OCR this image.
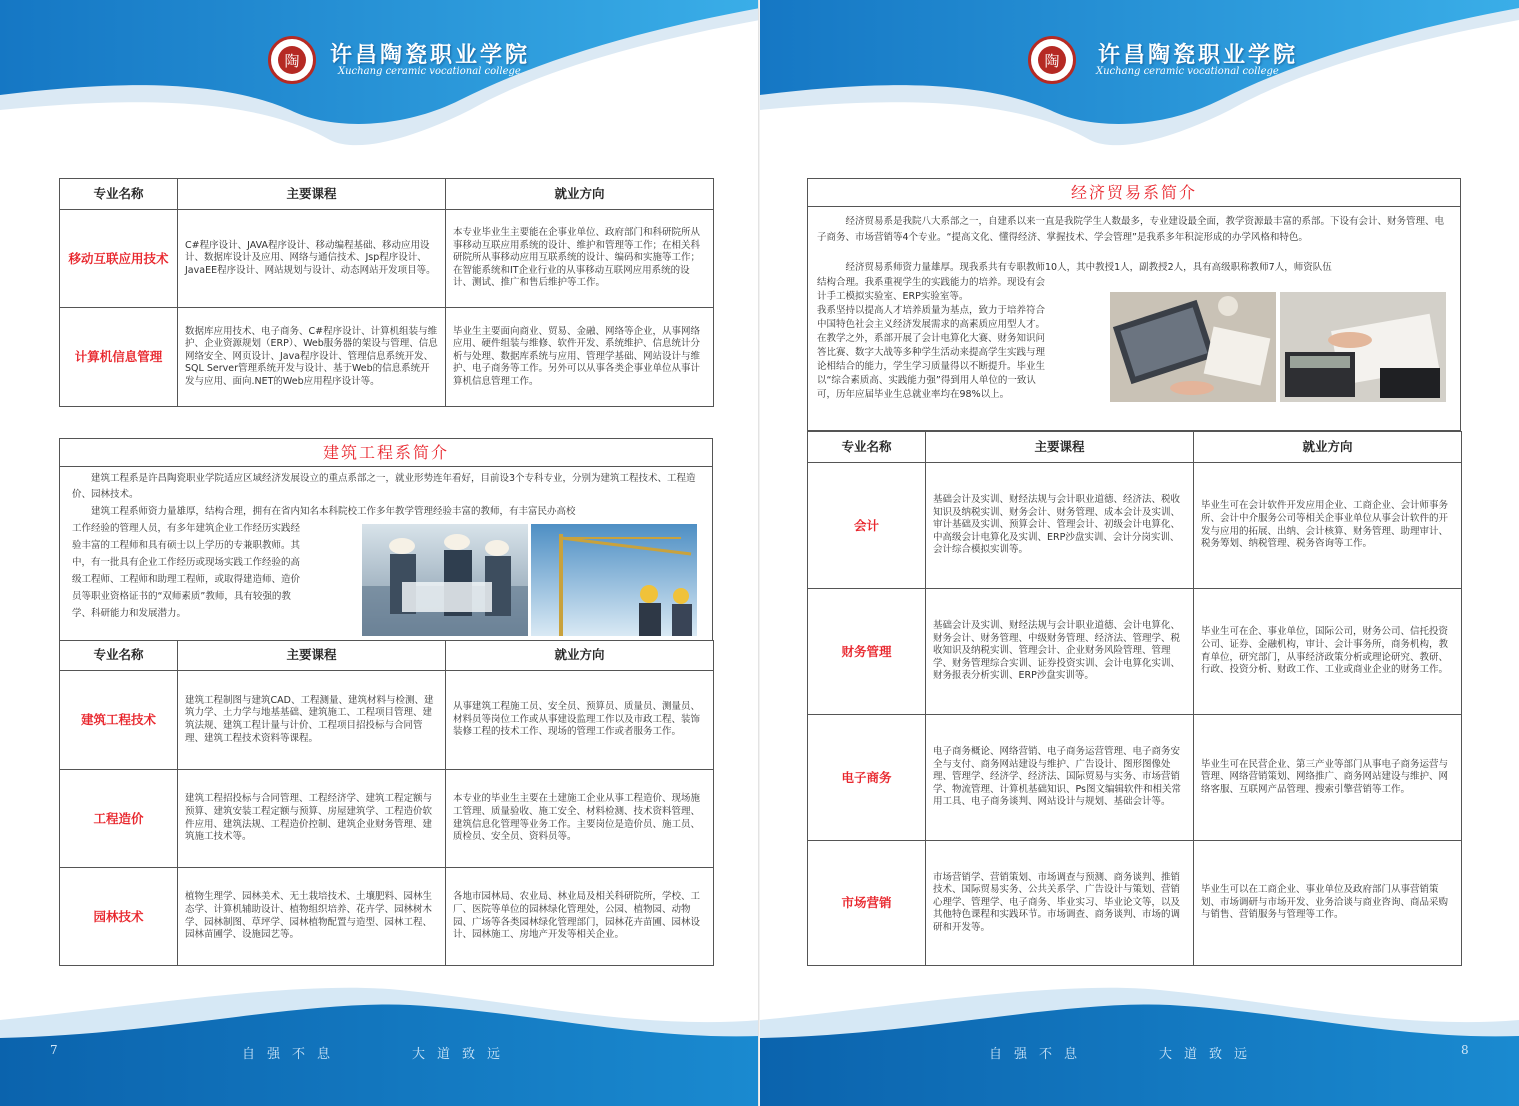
陶 许昌陶瓷职业学院
Xuchang ceramic vocational college
专业名称	主要课程	就业方向
移动互联应用技术	C#程序设计、JAVA程序设计、移动编程基础、移动应用设计、数据库设计及应用、网络与通信技术、Jsp程序设计、JavaEE程序设计、网站规划与设计、动态网站开发项目等。	本专业毕业生主要能在企事业单位、政府部门和科研院所从事移动互联应用系统的设计、维护和管理等工作；在相关科研院所从事移动应用互联系统的设计、编码和实施等工作；在智能系统和IT企业行业的从事移动互联网应用系统的设计、测试、推广和售后维护等工作。
计算机信息管理	数据库应用技术、电子商务、C#程序设计、计算机组装与维护、企业资源规划（ERP）、Web服务器的架设与管理、信息网络安全、网页设计、Java程序设计、管理信息系统开发、SQL Server管理系统开发与设计、基于Web的信息系统开发与应用、面向.NET的Web应用程序设计等。	毕业生主要面向商业、贸易、金融、网络等企业，从事网络应用、硬件组装与维修、软件开发、系统维护、信息统计分析与处理、数据库系统与应用、管理学基础、网站设计与维护、电子商务等工作。另外可以从事各类企事业单位从事计算机信息管理工作。
建筑工程系简介
建筑工程系是许昌陶瓷职业学院适应区域经济发展设立的重点系部之一，就业形势连年看好，目前设3个专科专业，分别为建筑工程技术、工程造价、园林技术。
建筑工程系师资力量雄厚，结构合理，拥有在省内知名本科院校工作多年教学管理经验丰富的教师，有丰富民办高校
工作经验的管理人员，有多年建筑企业工作经历实践经
验丰富的工程师和具有硕士以上学历的专兼职教师。其
中，有一批具有企业工作经历或现场实践工作经验的高
级工程师、工程师和助理工程师，或取得建造师、造价
员等职业资格证书的“双师素质”教师，具有较强的教
学、科研能力和发展潜力。
专业名称	主要课程	就业方向
建筑工程技术	建筑工程制图与建筑CAD、工程测量、建筑材料与检测、建筑力学、土力学与地基基础、建筑施工、工程项目管理、建筑法规、建筑工程计量与计价、工程项目招投标与合同管理、建筑工程技术资料等课程。	从事建筑工程施工员、安全员、预算员、质量员、测量员、材料员等岗位工作或从事建设监理工作以及市政工程、装饰装修工程的技术工作、现场的管理工作或者服务工作。
工程造价	建筑工程招投标与合同管理、工程经济学、建筑工程定额与预算、建筑安装工程定额与预算、房屋建筑学、工程造价软件应用、建筑法规、工程造价控制、建筑企业财务管理、建筑施工技术等。	本专业的毕业生主要在土建施工企业从事工程造价、现场施工管理、质量验收、施工安全、材料检测、技术资料管理、建筑信息化管理等业务工作。主要岗位是造价员、施工员、质检员、安全员、资料员等。
园林技术	植物生理学、园林美术、无土栽培技术、土壤肥料、园林生态学、计算机辅助设计、植物组织培养、花卉学、园林树木学、园林制图、草坪学、园林植物配置与造型、园林工程、园林苗圃学、设施园艺等。	各地市园林局、农业局、林业局及相关科研院所，学校、工厂、医院等单位的园林绿化管理处，公园、植物园、动物园、广场等各类园林绿化管理部门，园林花卉苗圃、园林设计、园林施工、房地产开发等相关企业。
7	自强不息	大道致远
陶 许昌陶瓷职业学院
Xuchang ceramic vocational college
经济贸易系简介
经济贸易系是我院八大系部之一，自建系以来一直是我院学生人数最多，专业建设最全面，教学资源最丰富的系部。下设有会计、财务管理、电子商务、市场营销等4个专业。“提高文化、懂得经济、掌握技术、学会管理”是我系多年积淀形成的办学风格和特色。
经济贸易系师资力量雄厚。现我系共有专职教师10人，其中教授1人，副教授2人，具有高级职称教师7人，师资队伍
结构合理。我系重视学生的实践能力的培养。现设有会
计手工模拟实验室、ERP实验室等。
我系坚持以提高人才培养质量为基点，致力于培养符合
中国特色社会主义经济发展需求的高素质应用型人才。
在教学之外，系部开展了会计电算化大赛、财务知识问
答比赛、数字大战等多种学生活动来提高学生实践与理
论相结合的能力，学生学习质量得以不断提升。毕业生
以“综合素质高、实践能力强”得到用人单位的一致认
可，历年应届毕业生总就业率均在98%以上。
专业名称	主要课程	就业方向
会计	基础会计及实训、财经法规与会计职业道德、经济法、税收知识及纳税实训、财务会计、财务管理、成本会计及实训、审计基础及实训、预算会计、管理会计、初级会计电算化、中高级会计电算化及实训、ERP沙盘实训、会计分岗实训、会计综合模拟实训等。	毕业生可在会计软件开发应用企业、工商企业、会计师事务所、会计中介服务公司等相关企事业单位从事会计软件的开发与应用的拓展、出纳、会计核算、财务管理、助理审计、税务筹划、纳税管理、税务咨询等工作。
财务管理	基础会计及实训、财经法规与会计职业道德、会计电算化、财务会计、财务管理、中级财务管理、经济法、管理学、税收知识及纳税实训、管理会计、企业财务风险管理、管理学、财务管理综合实训、证券投资实训、会计电算化实训、财务报表分析实训、ERP沙盘实训等。	毕业生可在企、事业单位，国际公司，财务公司、信托投资公司、证券、金融机构，审计、会计事务所，商务机构，教育单位，研究部门，从事经济政策分析或理论研究、教研、行政、投资分析、财政工作、工业或商业企业的财务工作。
电子商务	电子商务概论、网络营销、电子商务运营管理、电子商务安全与支付、商务网站建设与维护、广告设计、图形图像处理、管理学、经济学、经济法、国际贸易与实务、市场营销学、物流管理、计算机基础知识、Ps图文编辑软件和相关常用工具、电子商务谈判、网站设计与规划、基础会计等。	毕业生可在民营企业、第三产业等部门从事电子商务运营与管理、网络营销策划、网络推广、商务网站建设与维护、网络客服、互联网产品管理、搜索引擎营销等工作。
市场营销	市场营销学、营销策划、市场调查与预测、商务谈判、推销技术、国际贸易实务、公共关系学、广告设计与策划、营销心理学、管理学、电子商务、毕业实习、毕业论文等，以及其他特色课程和实践环节。市场调查、商务谈判、市场的调研和开发等。	毕业生可以在工商企业、事业单位及政府部门从事营销策划、市场调研与市场开发、业务洽谈与商业咨询、商品采购与销售、营销服务与管理等工作。
自强不息	大道致远	8
